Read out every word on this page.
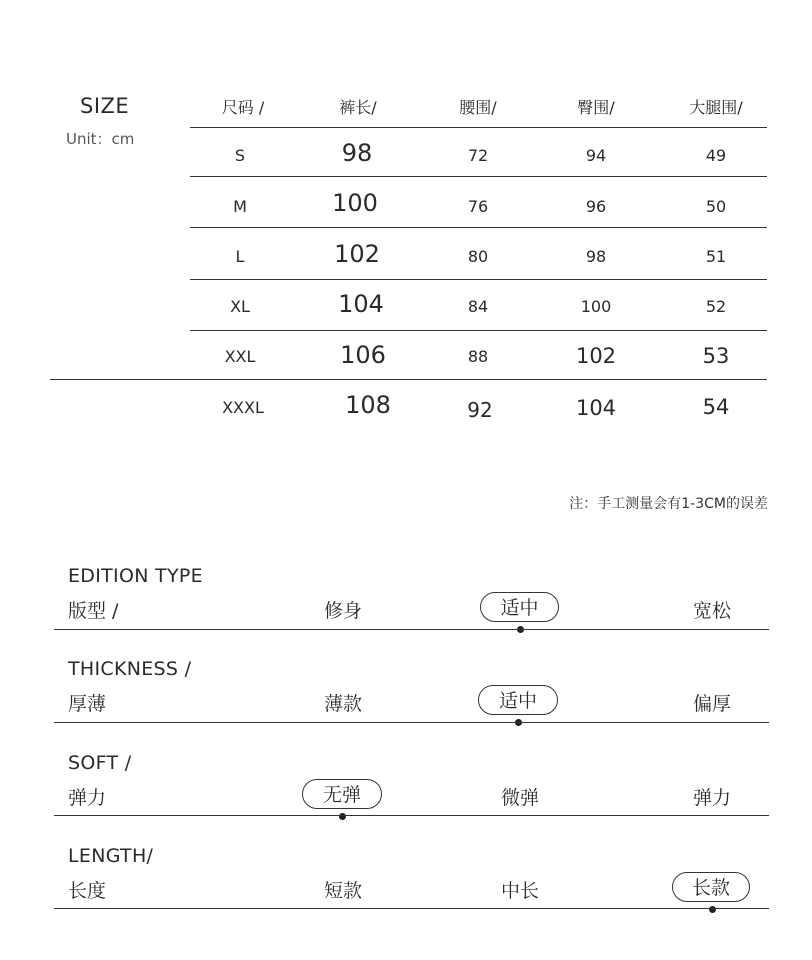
SIZE
Unit：cm
尺码 /	裤长/	腰围/	臀围/	大腿围/
S	98	72	94	49
M	100	76	96	50
L	102	80	98	51
XL	104	84	100	52
XXL	106	88	102	53
XXXL	108	92	104	54
注：手工测量会有1-3CM的误差
EDITION TYPE
版型 /	修身	适中	宽松
THICKNESS /
厚薄	薄款	适中	偏厚
SOFT /
弹力	无弹	微弹	弹力
LENGTH/
长度	短款	中长	长款
